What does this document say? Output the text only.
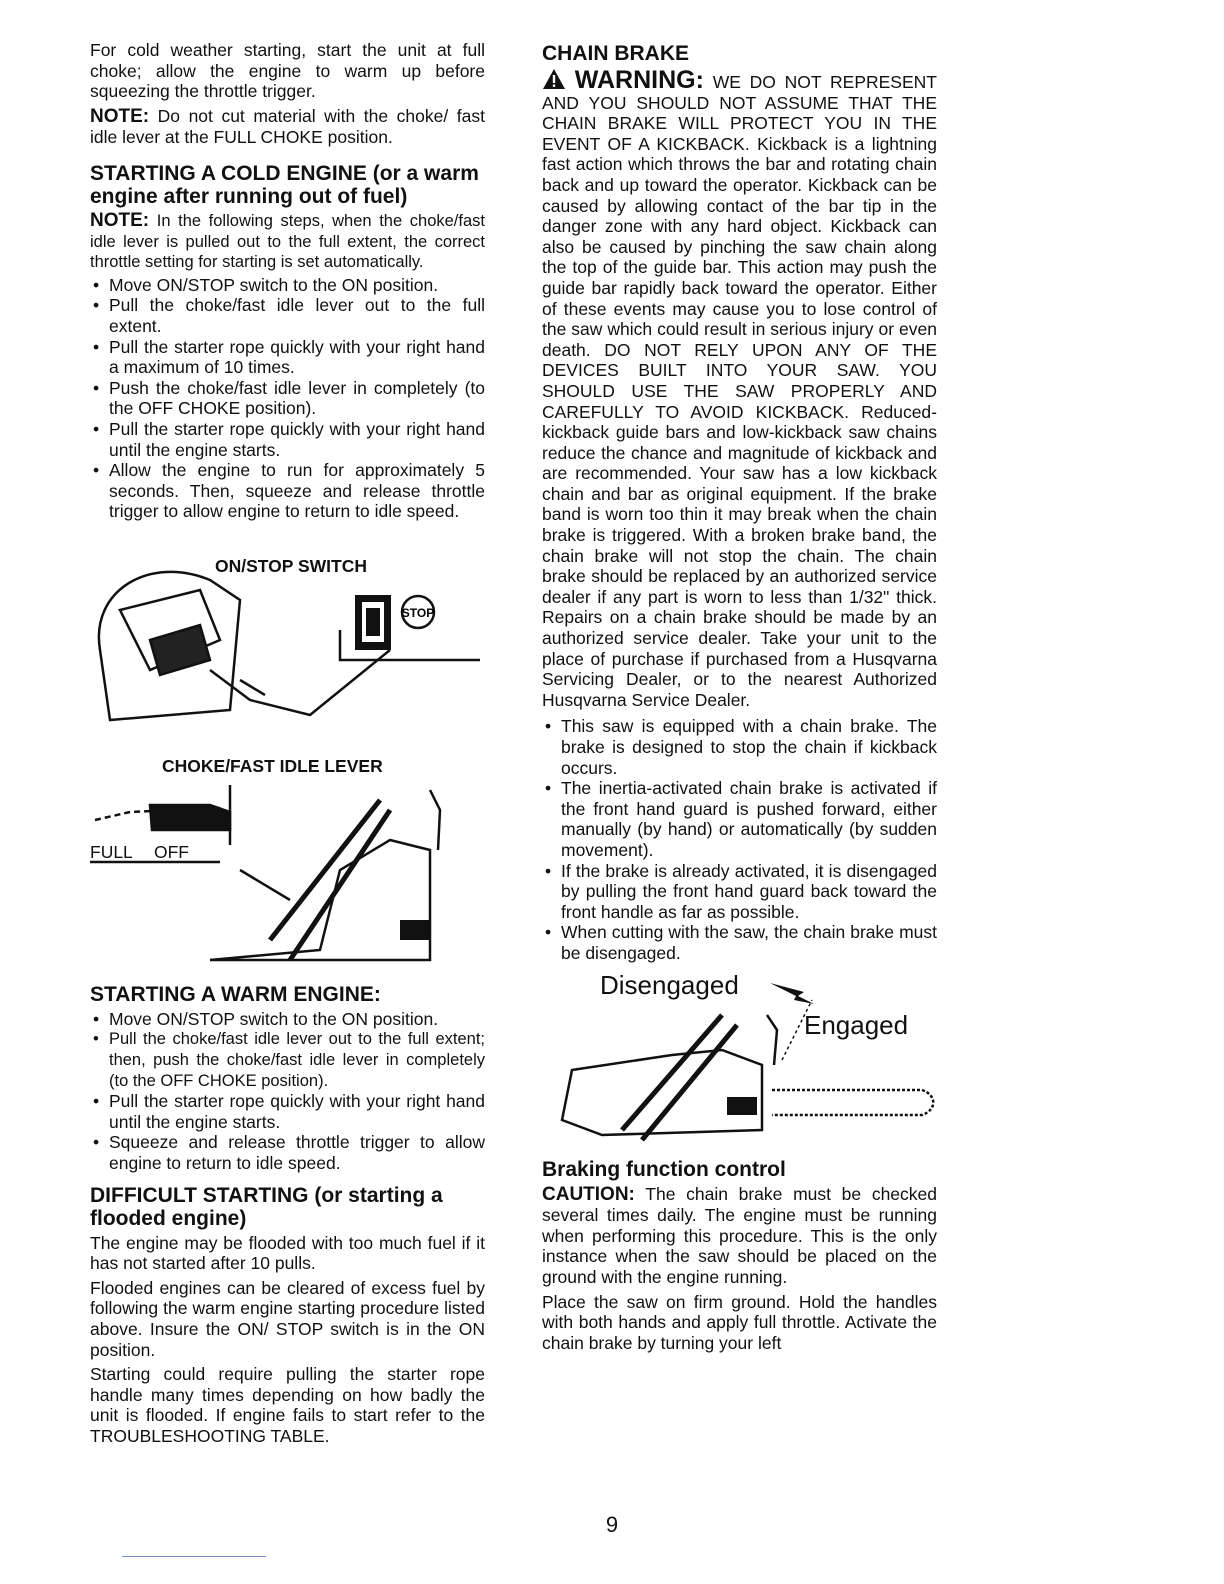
For cold weather starting, start the unit at full choke; allow the engine to warm up before squeezing the throttle trigger.

NOTE: Do not cut material with the choke/ fast idle lever at the FULL CHOKE position.

STARTING A COLD ENGINE (or a warm engine after running out of fuel)

NOTE: In the following steps, when the choke/fast idle lever is pulled out to the full extent, the correct throttle setting for starting is set automatically.

• Move ON/STOP switch to the ON position.
• Pull the choke/fast idle lever out to the full extent.
• Pull the starter rope quickly with your right hand a maximum of 10 times.
• Push the choke/fast idle lever in completely (to the OFF CHOKE position).
• Pull the starter rope quickly with your right hand until the engine starts.
• Allow the engine to run for approximately 5 seconds. Then, squeeze and release throttle trigger to allow engine to return to idle speed.
STOP
ON/STOP SWITCH
CHOKE/FAST IDLE LEVER
FULL OFF
STARTING A WARM ENGINE:
• Move ON/STOP switch to the ON position.
• Pull the choke/fast idle lever out to the full extent; then, push the choke/fast idle lever in completely (to the OFF CHOKE position).
• Pull the starter rope quickly with your right hand until the engine starts.
• Squeeze and release throttle trigger to allow engine to return to idle speed.
DIFFICULT STARTING (or starting a flooded engine)

The engine may be flooded with too much fuel if it has not started after 10 pulls.

Flooded engines can be cleared of excess fuel by following the warm engine starting procedure listed above. Insure the ON/ STOP switch is in the ON position.

Starting could require pulling the starter rope handle many times depending on how badly the unit is flooded. If engine fails to start refer to the TROUBLESHOOTING TABLE.

CHAIN BRAKE

WARNING: WE DO NOT REPRESENT AND YOU SHOULD NOT ASSUME THAT THE CHAIN BRAKE WILL PROTECT YOU IN THE EVENT OF A KICKBACK. Kickback is a lightning fast action which throws the bar and rotating chain back and up toward the operator. Kickback can be caused by allowing contact of the bar tip in the danger zone with any hard object. Kickback can also be caused by pinching the saw chain along the top of the guide bar. This action may push the guide bar rapidly back toward the operator. Either of these events may cause you to lose control of the saw which could result in serious injury or even death. DO NOT RELY UPON ANY OF THE DEVICES BUILT INTO YOUR SAW. YOU SHOULD USE THE SAW PROPERLY AND CAREFULLY TO AVOID KICKBACK. Reduced-kickback guide bars and low-kickback saw chains reduce the chance and magnitude of kickback and are recommended. Your saw has a low kickback chain and bar as original equipment. If the brake band is worn too thin it may break when the chain brake is triggered. With a broken brake band, the chain brake will not stop the chain. The chain brake should be replaced by an authorized service dealer if any part is worn to less than 1/32" thick. Repairs on a chain brake should be made by an authorized service dealer. Take your unit to the place of purchase if purchased from a Husqvarna Servicing Dealer, or to the nearest Authorized Husqvarna Service Dealer.

• This saw is equipped with a chain brake. The brake is designed to stop the chain if kickback occurs.
• The inertia-activated chain brake is activated if the front hand guard is pushed forward, either manually (by hand) or automatically (by sudden movement).
• If the brake is already activated, it is disengaged by pulling the front hand guard back toward the front handle as far as possible.
• When cutting with the saw, the chain brake must be disengaged.
Disengaged
Engaged
Braking function control

CAUTION: The chain brake must be checked several times daily. The engine must be running when performing this procedure. This is the only instance when the saw should be placed on the ground with the engine running.

Place the saw on firm ground. Hold the handles with both hands and apply full throttle. Activate the chain brake by turning your left

9
